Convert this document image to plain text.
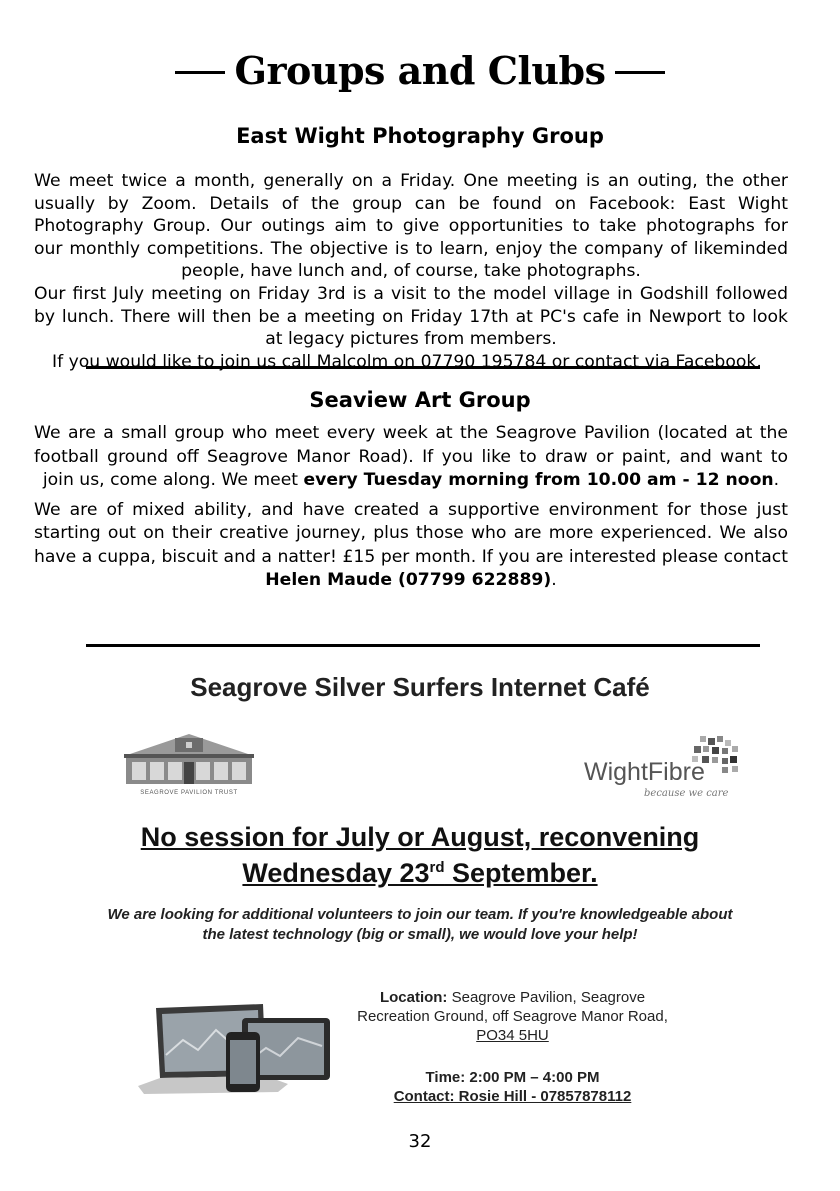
Groups and Clubs
East Wight Photography Group
We meet twice a month, generally on a Friday. One meeting is an outing, the other
usually by Zoom. Details of the group can be found on Facebook: East Wight
Photography Group. Our outings aim to give opportunities to take photographs for
our monthly competitions. The objective is to learn, enjoy the company of likeminded
people, have lunch and, of course, take photographs.
Our first July meeting on Friday 3rd is a visit to the model village in Godshill followed
by lunch. There will then be a meeting on Friday 17th at PC's cafe in Newport to look
at legacy pictures from members.
If you would like to join us call Malcolm on 07790 195784 or contact via Facebook.
Seaview Art Group
We are a small group who meet every week at the Seagrove Pavilion (located at the
football ground off Seagrove Manor Road). If you like to draw or paint, and want to
join us, come along. We meet every Tuesday morning from 10.00 am - 12 noon.
We are of mixed ability, and have created a supportive environment for those just
starting out on their creative journey, plus those who are more experienced. We also
have a cuppa, biscuit and a natter! £15 per month. If you are interested please contact
Helen Maude (07799 622889).
Seagrove Silver Surfers Internet Café
SEAGROVE PAVILION TRUST
WightFibre
because we care
No session for July or August, reconvening
Wednesday 23rd September.
We are looking for additional volunteers to join our team. If you're knowledgeable about the latest technology (big or small), we would love your help!
Location: Seagrove Pavilion, Seagrove
Recreation Ground, off Seagrove Manor Road,
PO34 5HU
Time: 2:00 PM – 4:00 PM
Contact: Rosie Hill - 07857878112
32
